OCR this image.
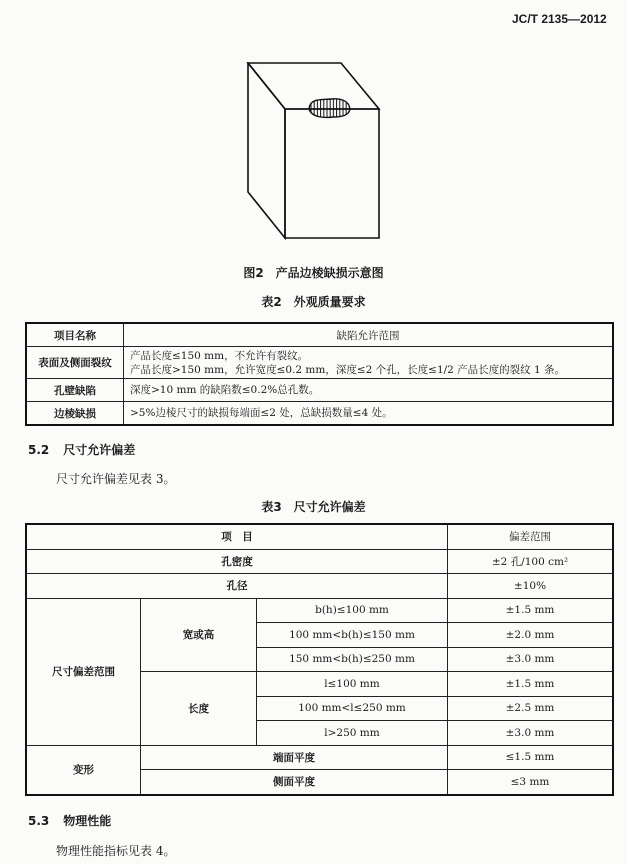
JC/T 2135—2012
图2 产品边棱缺损示意图
表2 外观质量要求
项目名称	缺陷允许范围
表面及侧面裂纹	产品长度≤150 mm，不允许有裂纹。
产品长度>150 mm，允许宽度≤0.2 mm，深度≤2 个孔，长度≤1/2 产品长度的裂纹 1 条。

孔壁缺陷	深度>10 mm 的缺陷数≤0.2%总孔数。
边棱缺损	>5%边棱尺寸的缺损每端面≤2 处，总缺损数量≤4 处。
5.2 尺寸允许偏差
尺寸允许偏差见表 3。
表3 尺寸允许偏差
项　目			偏差范围
孔密度			±2 孔/100 cm²
孔径			±10%
尺寸偏差范围	宽或高	b(h)≤100 mm	±1.5 mm
		100 mm<b(h)≤150 mm	±2.0 mm
		150 mm<b(h)≤250 mm	±3.0 mm
	长度	l≤100 mm	±1.5 mm
		100 mm<l≤250 mm	±2.5 mm
		l>250 mm	±3.0 mm
变形	端面平度		≤1.5 mm
	侧面平度		≤3 mm
5.3 物理性能
物理性能指标见表 4。
